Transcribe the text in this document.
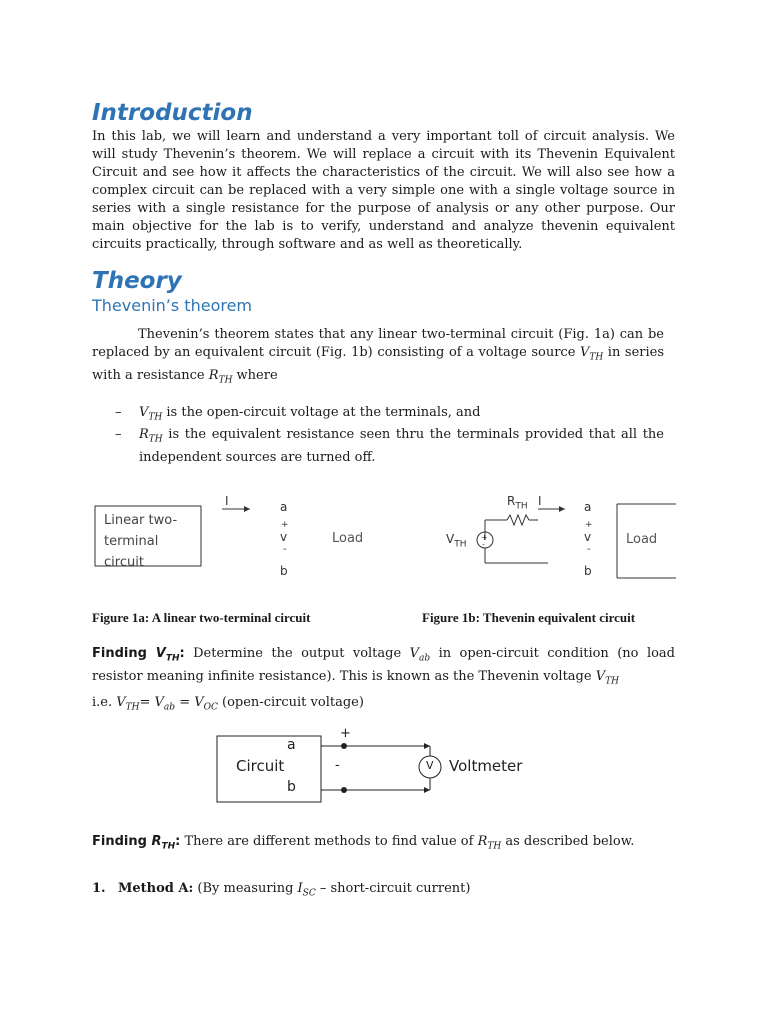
Introduction

In this lab, we will learn and understand a very important toll of circuit analysis. We will study Thevenin’s theorem. We will replace a circuit with its Thevenin Equivalent Circuit and see how it affects the characteristics of the circuit. We will also see how a complex circuit can be replaced with a very simple one with a single voltage source in series with a single resistance for the purpose of analysis or any other purpose. Our main objective for the lab is to verify, understand and analyze thevenin equivalent circuits practically, through software and as well as theoretically.

Theory
Thevenin’s theorem
Thevenin’s theorem states that any linear two-terminal circuit (Fig. 1a) can be replaced by an equivalent circuit (Fig. 1b) consisting of a voltage source $V_{TH}$ in series with a resistance $R_{TH}$ where
– $V_{TH}$ is the open-circuit voltage at the terminals, and
– $R_{TH}$ is the equivalent resistance seen thru the terminals provided that all the independent sources are turned off.
Linear two-
terminal
circuit
I	a
+
v
-
b
Load	+
-
$R_{TH}$ I
$V_{TH}$
a
+
v
-
b
Load
Figure 1a: A linear two-terminal circuit	Figure 1b: Thevenin equivalent circuit
Finding $V_{TH}$: Determine the output voltage $V_{ab}$ in open-circuit condition (no load resistor meaning infinite resistance). This is known as the Thevenin voltage $V_{TH}$
i.e. $V_{TH}= V_{ab} = V_{OC}$ (open-circuit voltage)
a
Circuit
b
+
-	V Voltmeter
Finding $R_{TH}$: There are different methods to find value of $R_{TH}$ as described below.
1. Method A: (By measuring $I_{SC}$ – short-circuit current)
